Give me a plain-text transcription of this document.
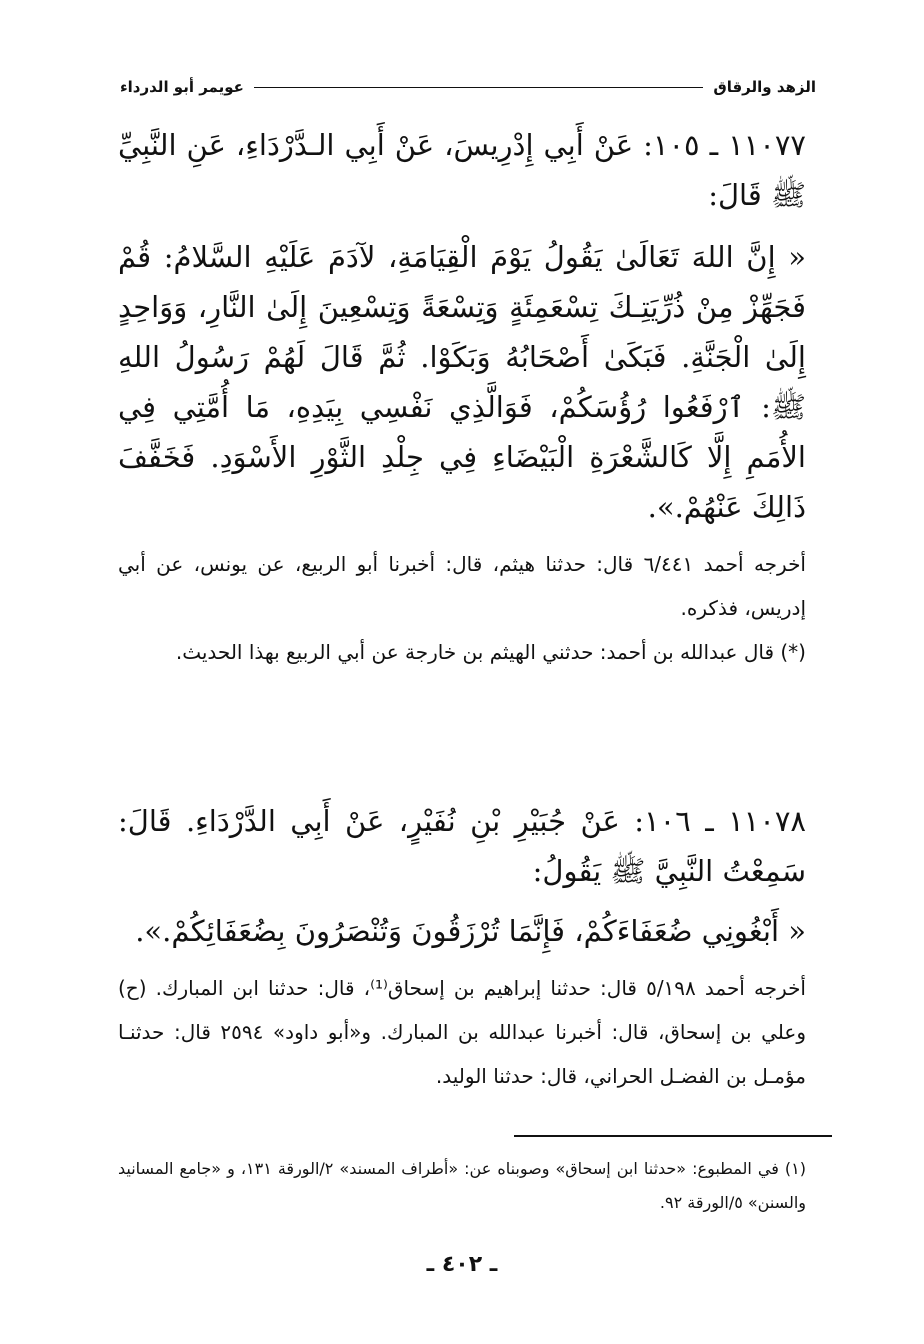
الزهد والرقاق
عويمر أبو الدرداء

١١٠٧٧ ـ ١٠٥: عَنْ أَبِي إِدْرِيسَ، عَنْ أَبِي الـدَّرْدَاءِ، عَنِ النَّبِيِّ ﷺ قَالَ:

« إِنَّ اللهَ تَعَالَىٰ يَقُولُ يَوْمَ الْقِيَامَةِ، لآدَمَ عَلَيْهِ السَّلامُ: قُمْ فَجَهِّزْ مِنْ ذُرِّيَتِـكَ تِسْعَمِئَةٍ وَتِسْعَةً وَتِسْعِينَ إِلَىٰ النَّارِ، وَوَاحِدٍ إِلَىٰ الْجَنَّةِ. فَبَكَىٰ أَصْحَابُهُ وَبَكَوْا. ثُمَّ قَالَ لَهُمْ رَسُولُ اللهِ ﷺ: ٱرْفَعُوا رُؤُسَكُمْ، فَوَالَّذِي نَفْسِي بِيَدِهِ، مَا أُمَّتِي فِي الأُمَمِ إِلَّا كَالشَّعْرَةِ الْبَيْضَاءِ فِي جِلْدِ الثَّوْرِ الأَسْوَدِ. فَخَفَّفَ ذَالِكَ عَنْهُمْ.».

أخرجه أحمد ٦/٤٤١ قال: حدثنا هيثم، قال: أخبرنا أبو الربيع، عن يونس، عن أبي إدريس، فذكره.

(*) قال عبدالله بن أحمد: حدثني الهيثم بن خارجة عن أبي الربيع بهذا الحديث.

١١٠٧٨ ـ ١٠٦: عَنْ جُبَيْرِ بْنِ نُفَيْرٍ، عَنْ أَبِي الدَّرْدَاءِ. قَالَ: سَمِعْتُ النَّبِيَّ ﷺ يَقُولُ:

« أَبْغُونِي ضُعَفَاءَكُمْ، فَإِنَّمَا تُرْزَقُونَ وَتُنْصَرُونَ بِضُعَفَائِكُمْ.».

أخرجه أحمد ٥/١٩٨ قال: حدثنا إبراهيم بن إسحاق⁽¹⁾، قال: حدثنا ابن المبارك. (ح) وعلي بن إسحاق، قال: أخبرنا عبدالله بن المبارك. و«أبو داود» ٢٥٩٤ قال: حدثنـا مؤمـل بن الفضـل الحراني، قال: حدثنا الوليد.

(١) في المطبوع: «حدثنا ابن إسحاق» وصوبناه عن: «أطراف المسند» ٢/الورقة ١٣١، و «جامع المسانيد والسنن» ٥/الورقة ٩٢.

ـ ٤٠٢ ـ
